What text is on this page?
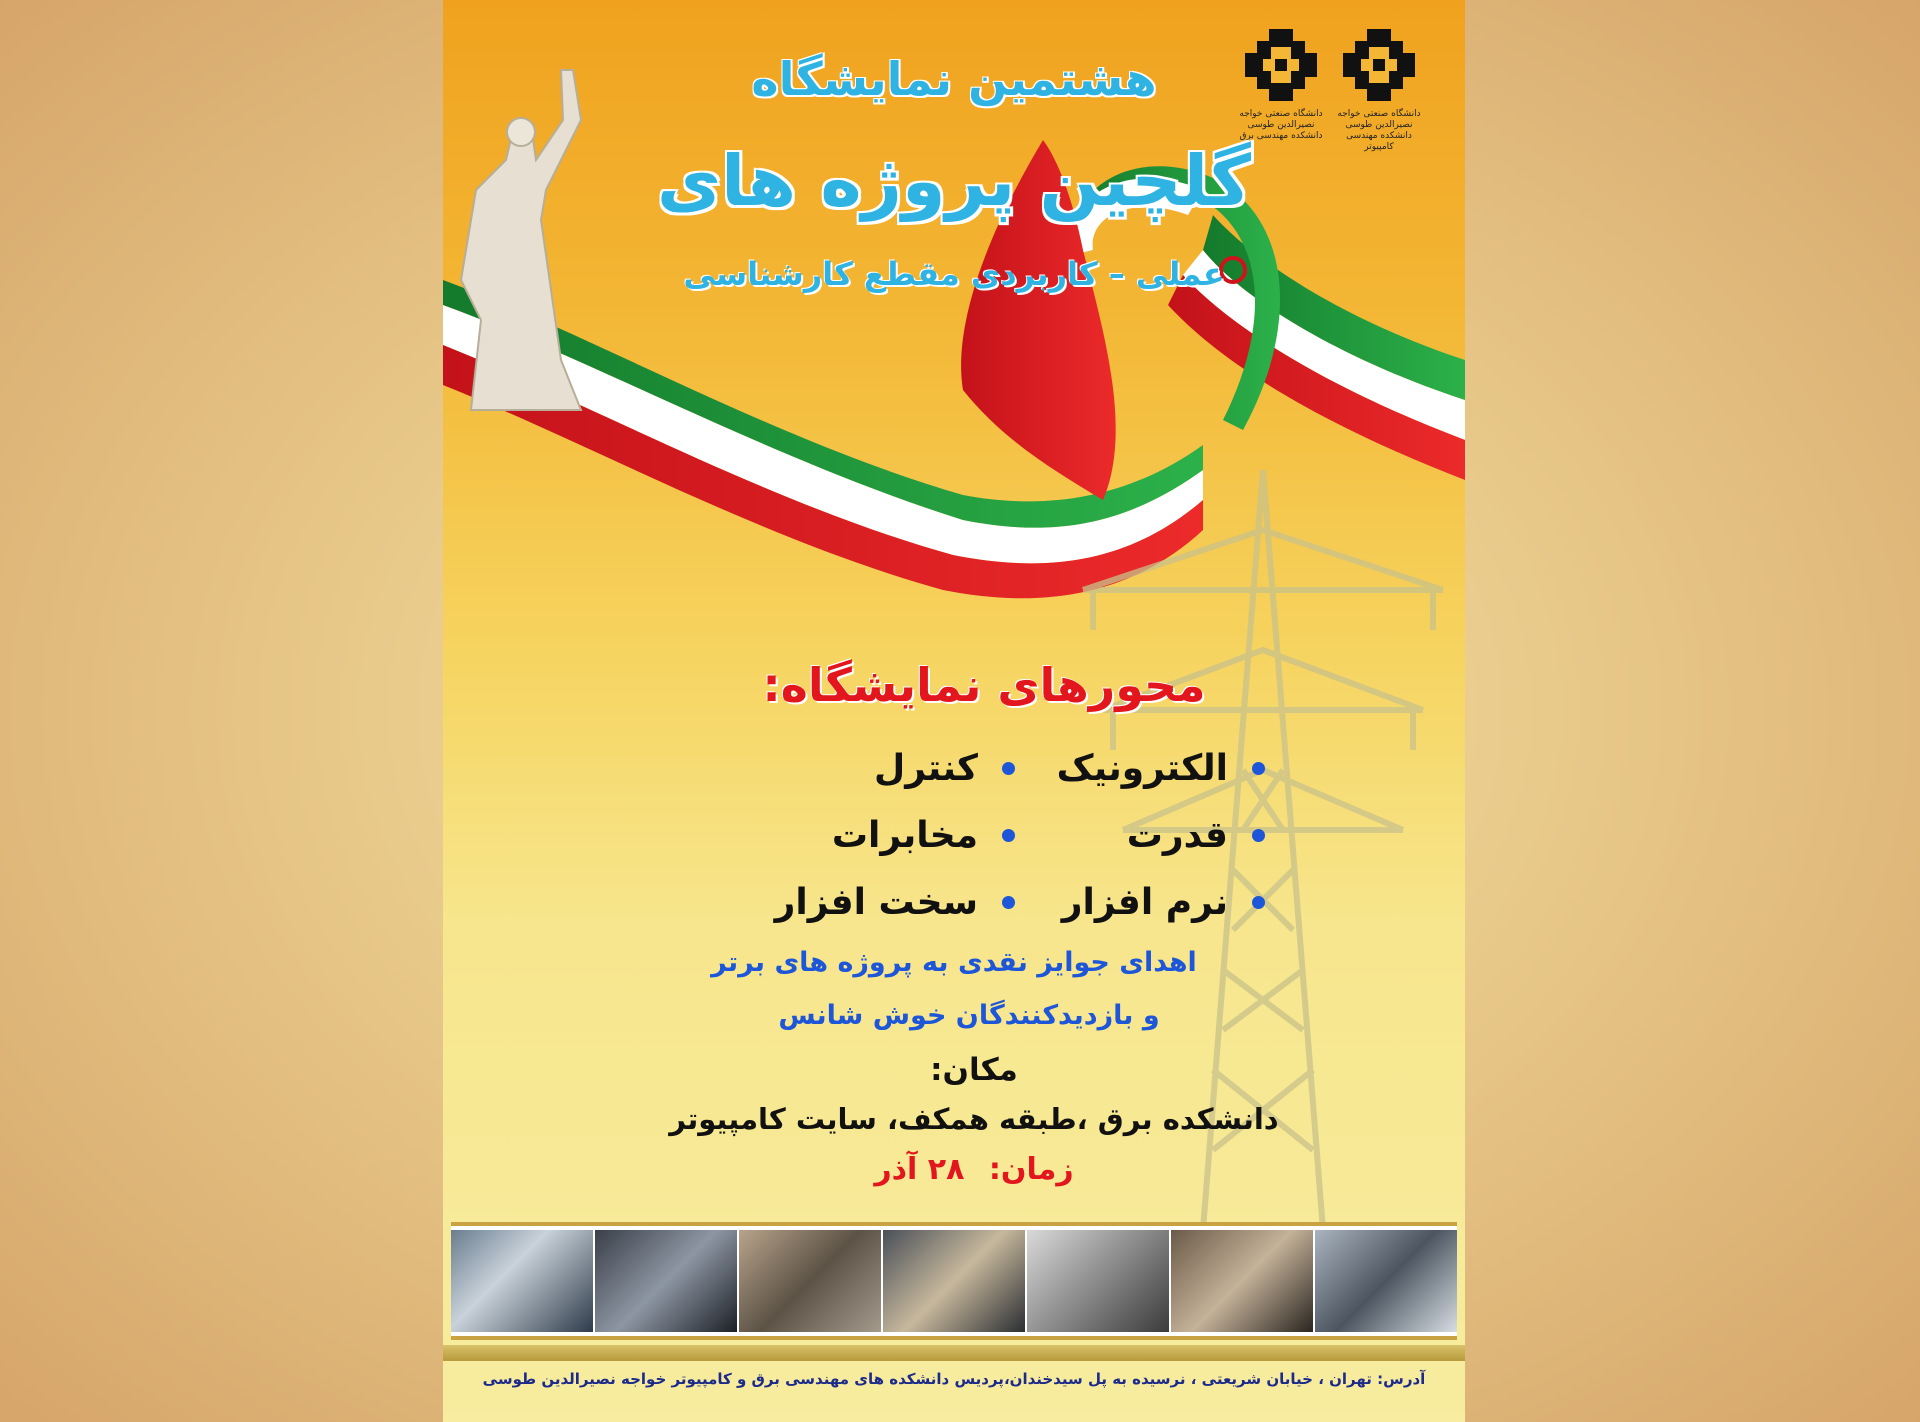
دانشگاه صنعتی خواجه نصیرالدین طوسی دانشکده مهندسی کامپیوتر
دانشگاه صنعتی خواجه نصیرالدین طوسی دانشکده مهندسی برق
هشتمین نمایشگاه
گلچین پروژه های
عملی – کاربردی مقطع کارشناسی
محورهای نمایشگاه:
الکترونیک
کنترل
قدرت
مخابرات
نرم افزار
سخت افزار
اهدای جوایز نقدی به پروژه های برتر
و بازدیدکنندگان خوش شانس
مکان:
دانشکده برق ،طبقه همکف، سایت کامپیوتر
زمان: ۲۸ آذر
آدرس: تهران ، خیابان شریعتی ، نرسیده به پل سیدخندان،پردیس دانشکده های مهندسی برق و کامپیوتر خواجه نصیرالدین طوسی
